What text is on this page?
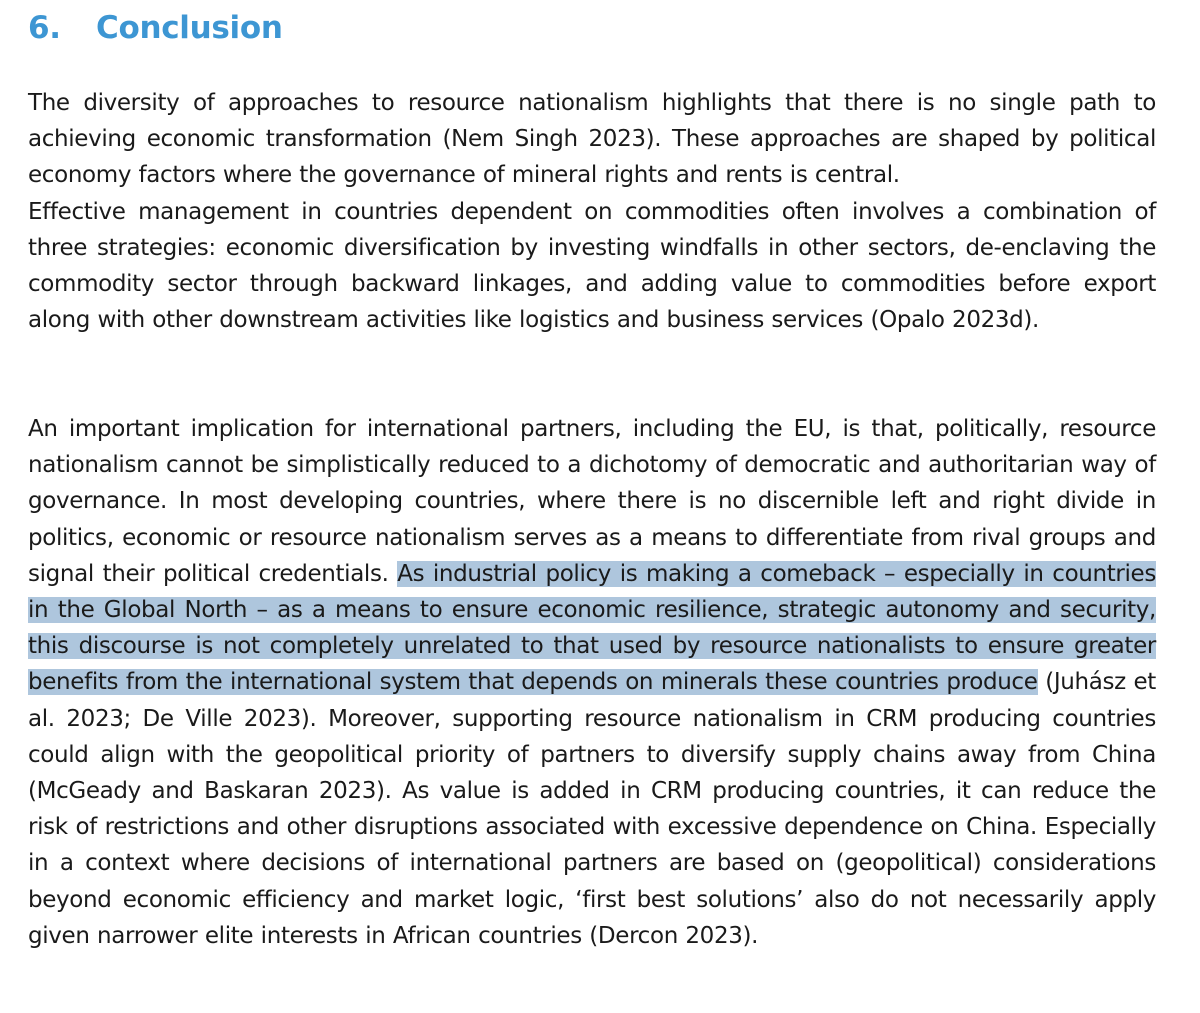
6. Conclusion

The diversity of approaches to resource nationalism highlights that there is no single path to achieving economic transformation (Nem Singh 2023). These approaches are shaped by political economy factors where the governance of mineral rights and rents is central.
Effective management in countries dependent on commodities often involves a combination of three strategies: economic diversification by investing windfalls in other sectors, de-enclaving the commodity sector through backward linkages, and adding value to commodities before export along with other downstream activities like logistics and business services (Opalo 2023d).

An important implication for international partners, including the EU, is that, politically, resource nationalism cannot be simplistically reduced to a dichotomy of democratic and authoritarian way of governance. In most developing countries, where there is no discernible left and right divide in politics, economic or resource nationalism serves as a means to differentiate from rival groups and signal their political credentials. As industrial policy is making a comeback – especially in countries in the Global North – as a means to ensure economic resilience, strategic autonomy and security, this discourse is not completely unrelated to that used by resource nationalists to ensure greater benefits from the international system that depends on minerals these countries produce (Juhász et al. 2023; De Ville 2023). Moreover, supporting resource nationalism in CRM producing countries could align with the geopolitical priority of partners to diversify supply chains away from China (McGeady and Baskaran 2023). As value is added in CRM producing countries, it can reduce the risk of restrictions and other disruptions associated with excessive dependence on China. Especially in a context where decisions of international partners are based on (geopolitical) considerations beyond economic efficiency and market logic, ‘first best solutions’ also do not necessarily apply given narrower elite interests in African countries (Dercon 2023).
